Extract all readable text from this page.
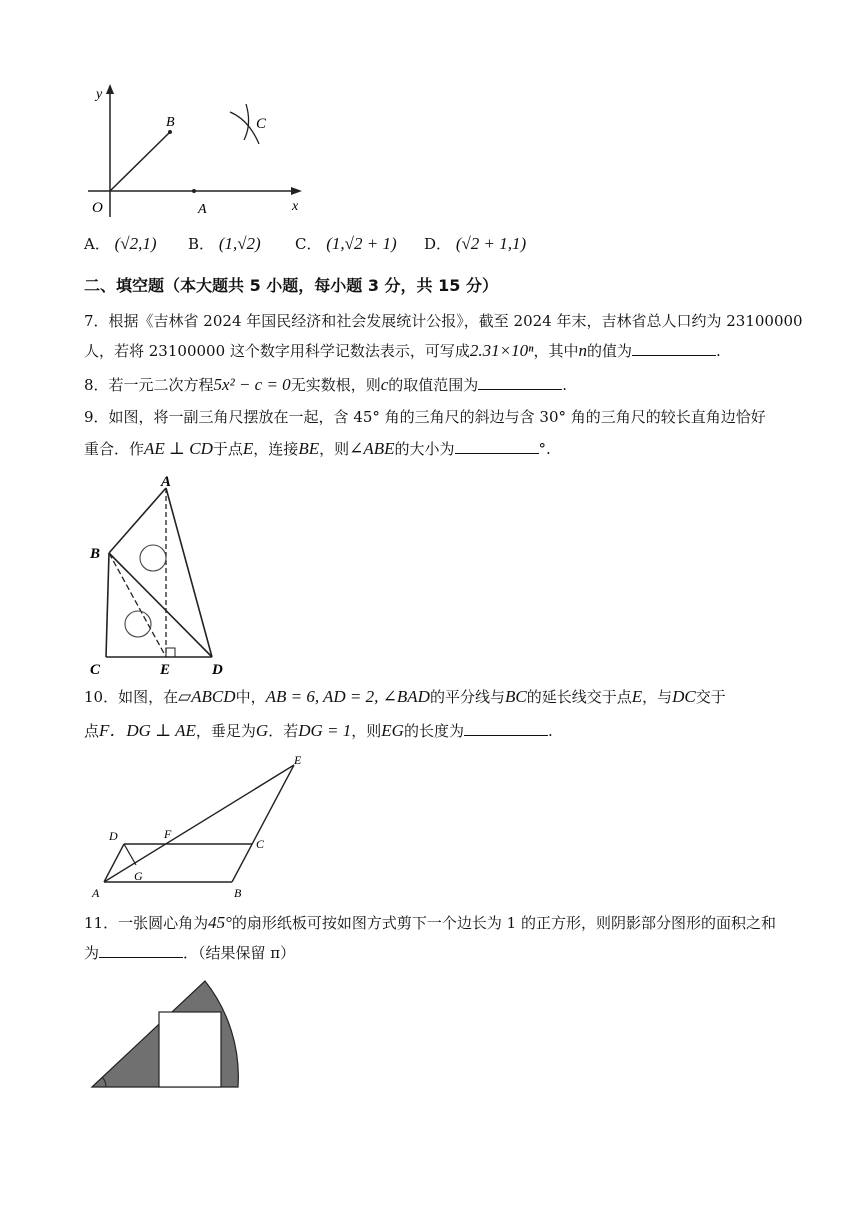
y
B	C
O	A	x
A． (√2,1) B． (1,√2) C． (1,√2 + 1) D． (√2 + 1,1)
二、填空题（本大题共 5 小题，每小题 3 分，共 15 分）
7．根据《吉林省 2024 年国民经济和社会发展统计公报》，截至 2024 年末，吉林省总人口约为 23100000
人，若将 23100000 这个数字用科学记数法表示，可写成2.31×10ⁿ，其中n的值为	.
8．若一元二次方程5x² − c = 0无实数根，则c的取值范围为	.
9．如图，将一副三角尺摆放在一起，含 45° 角的三角尺的斜边与含 30° 角的三角尺的较长直角边恰好
重合．作AE ⊥ CD于点E，连接BE，则∠ABE的大小为	°.
A
B
C	E	D
10．如图，在▱ABCD中，AB = 6, AD = 2, ∠BAD的平分线与BC的延长线交于点E，与DC交于
点F．DG ⊥ AE，垂足为G．若DG = 1，则EG的长度为	.
E
D	F
C
G
A	B
11．一张圆心角为45°的扇形纸板可按如图方式剪下一个边长为 1 的正方形，则阴影部分图形的面积之和
为	．（结果保留 π）
